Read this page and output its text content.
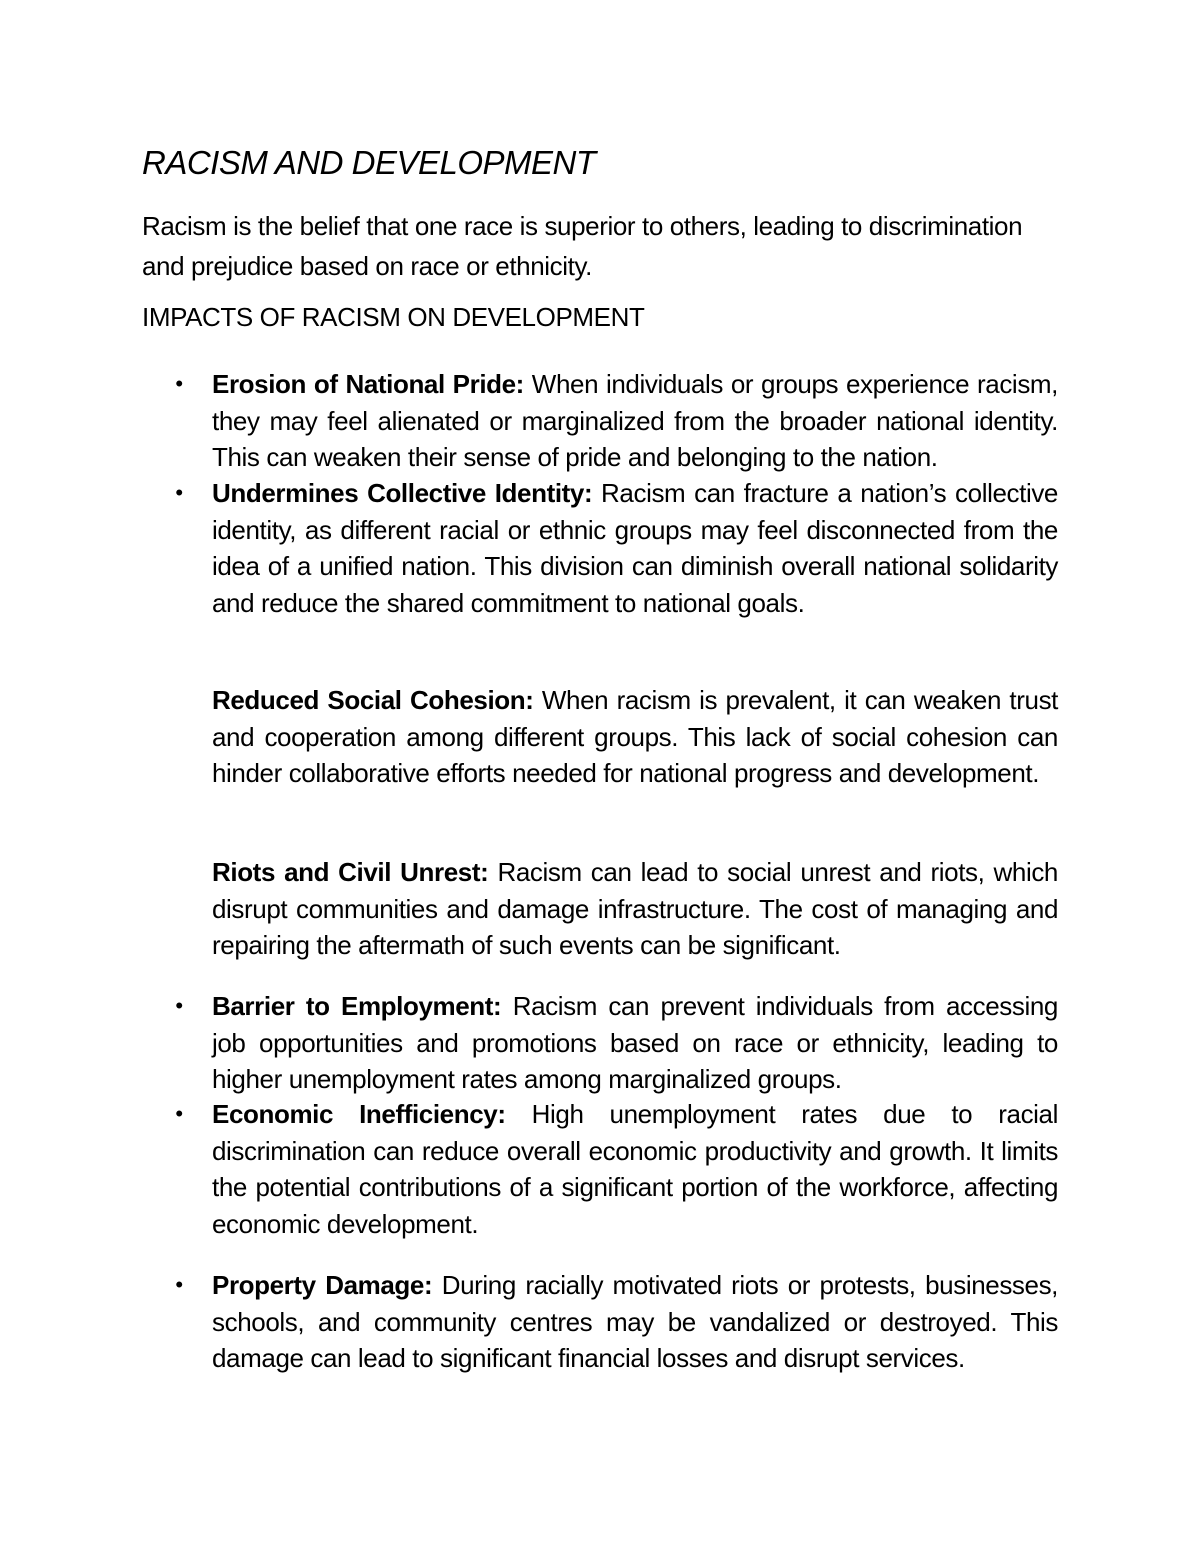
RACISM AND DEVELOPMENT

Racism is the belief that one race is superior to others, leading to discrimination and prejudice based on race or ethnicity.

IMPACTS OF RACISM ON DEVELOPMENT

• Erosion of National Pride: When individuals or groups experience racism, they may feel alienated or marginalized from the broader national identity. This can weaken their sense of pride and belonging to the nation.

• Undermines Collective Identity: Racism can fracture a nation’s collective identity, as different racial or ethnic groups may feel disconnected from the idea of a unified nation. This division can diminish overall national solidarity and reduce the shared commitment to national goals.

Reduced Social Cohesion: When racism is prevalent, it can weaken trust and cooperation among different groups. This lack of social cohesion can hinder collaborative efforts needed for national progress and development.

Riots and Civil Unrest: Racism can lead to social unrest and riots, which disrupt communities and damage infrastructure. The cost of managing and repairing the aftermath of such events can be significant.

• Barrier to Employment: Racism can prevent individuals from accessing job opportunities and promotions based on race or ethnicity, leading to higher unemployment rates among marginalized groups.

• Economic Inefficiency: High unemployment rates due to racial discrimination can reduce overall economic productivity and growth. It limits the potential contributions of a significant portion of the workforce, affecting economic development.

• Property Damage: During racially motivated riots or protests, businesses, schools, and community centres may be vandalized or destroyed. This damage can lead to significant financial losses and disrupt services.
